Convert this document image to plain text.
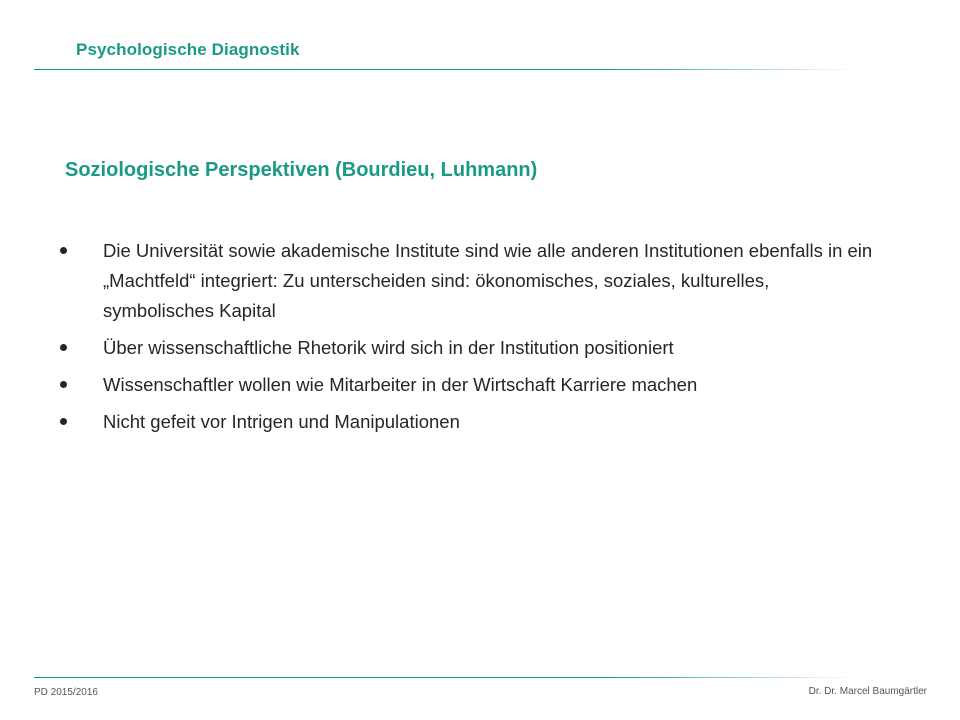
Psychologische Diagnostik
Soziologische Perspektiven (Bourdieu, Luhmann)
Die Universität sowie akademische Institute sind wie alle anderen Institutionen ebenfalls in ein „Machtfeld“ integriert: Zu unterscheiden sind: ökonomisches, soziales, kulturelles, symbolisches Kapital
Über wissenschaftliche Rhetorik wird sich in der Institution positioniert
Wissenschaftler wollen wie Mitarbeiter in der Wirtschaft Karriere machen
Nicht gefeit vor Intrigen und Manipulationen
PD 2015/2016	Dr. Dr. Marcel Baumgärtler
